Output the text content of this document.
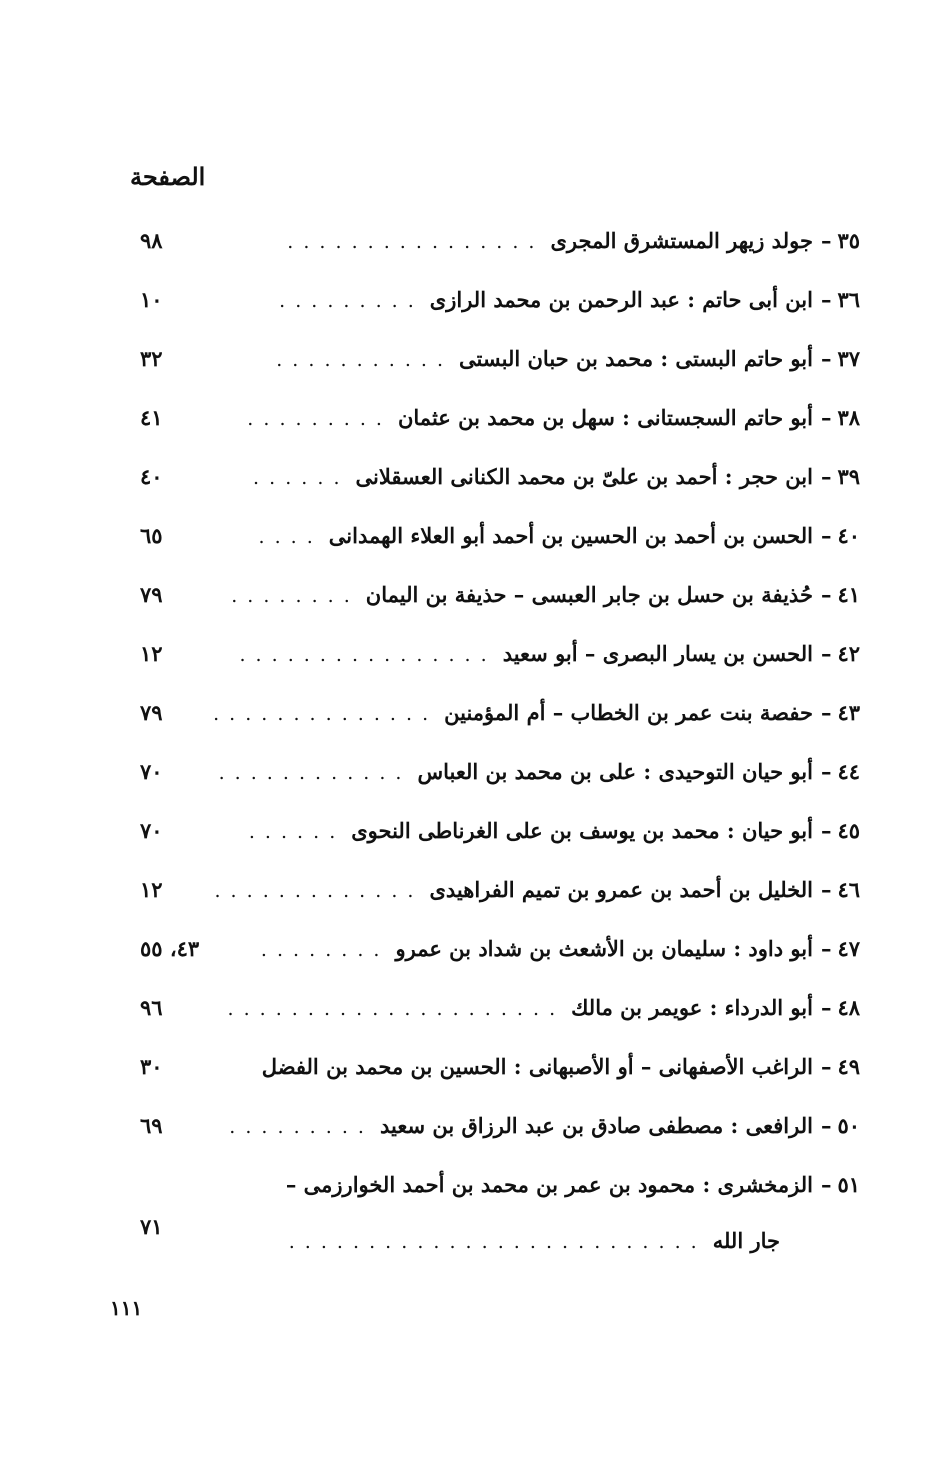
الصفحة
٣٥
–
جولد زيهر المستشرق المجرى
. . . . . . . . . . . . . . . .
٩٨
٣٦
–
ابن أبى حاتم : عبد الرحمن بن محمد الرازى
. . . . . . . . .
١٠
٣٧
–
أبو حاتم البستى : محمد بن حبان البستى
. . . . . . . . . . .
٣٢
٣٨
–
أبو حاتم السجستانى : سهل بن محمد بن عثمان
. . . . . . . . .
٤١
٣٩
–
ابن حجر : أحمد بن علىّ بن محمد الكنانى العسقلانى
. . . . . .
٤٠
٤٠
–
الحسن بن أحمد بن الحسين بن أحمد أبو العلاء الهمدانى
. . . .
٦٥
٤١
–
حُذيفة بن حسل بن جابر العبسى – حذيفة بن اليمان
. . . . . . . .
٧٩
٤٢
–
الحسن بن يسار البصرى – أبو سعيد
. . . . . . . . . . . . . . . .
١٢
٤٣
–
حفصة بنت عمر بن الخطاب – أم المؤمنين
. . . . . . . . . . . . . .
٧٩
٤٤
–
أبو حيان التوحيدى : على بن محمد بن العباس
. . . . . . . . . . . .
٧٠
٤٥
–
أبو حيان : محمد بن يوسف بن على الغرناطى النحوى
. . . . . .
٧٠
٤٦
–
الخليل بن أحمد بن عمرو بن تميم الفراهيدى
. . . . . . . . . . . . .
١٢
٤٧
–
أبو داود : سليمان بن الأشعث بن شداد بن عمرو
. . . . . . . .
٤٣، ٥٥
٤٨
–
أبو الدرداء : عويمر بن مالك
. . . . . . . . . . . . . . . . . . . . .
٩٦
٤٩
–
الراغب الأصفهانى – أو الأصبهانى : الحسين بن محمد بن الفضل
٣٠
٥٠
–
الرافعى : مصطفى صادق بن عبد الرزاق بن سعيد
. . . . . . . . .
٦٩
٥١
–
الزمخشرى : محمود بن عمر بن محمد بن أحمد الخوارزمى –
جار الله
. . . . . . . . . . . . . . . . . . . . . . . . . .
٧١
١١١
